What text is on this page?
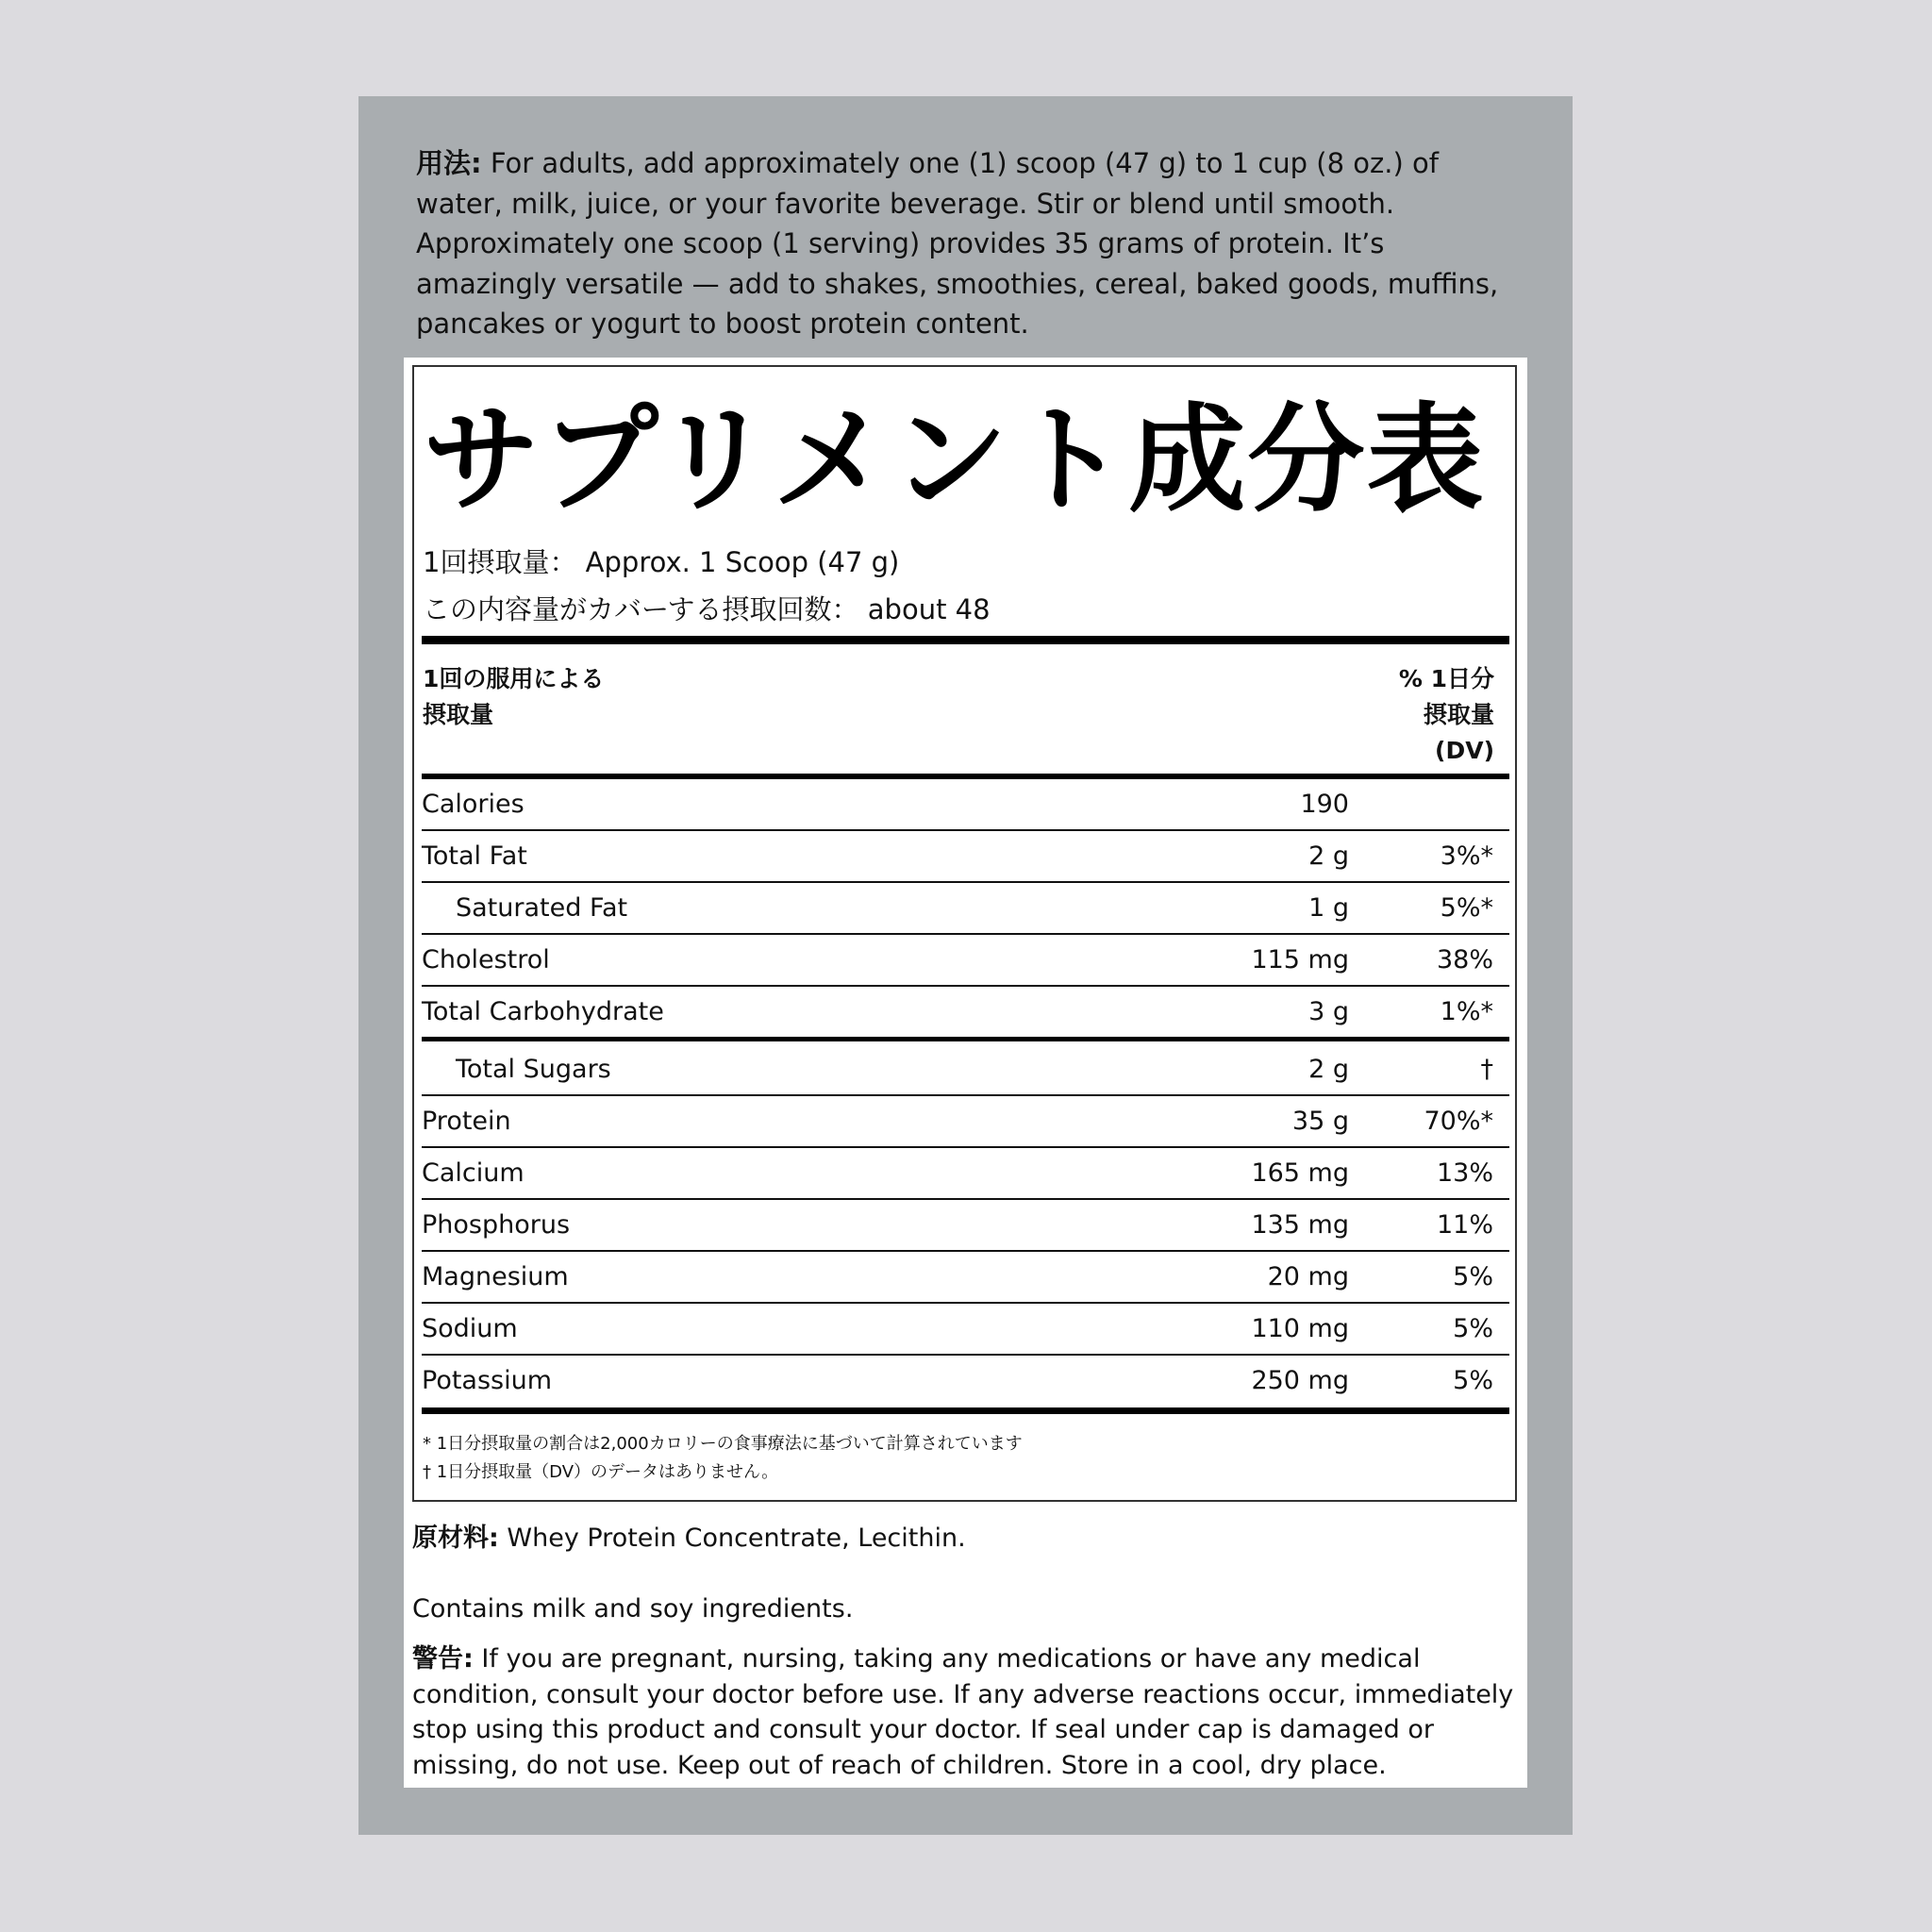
用法: For adults, add approximately one (1) scoop (47 g) to 1 cup (8 oz.) of water, milk, juice, or your favorite beverage. Stir or blend until smooth. Approximately one scoop (1 serving) provides 35 grams of protein. It’s amazingly versatile — add to shakes, smoothies, cereal, baked goods, muffins, pancakes or yogurt to boost protein content.
サプリメント成分表
1回摂取量： Approx. 1 Scoop (47 g)
この内容量がカバーする摂取回数： about 48
1回の服用による
摂取量
% 1日分
摂取量
(DV)
Calories	190
Total Fat	2 g	3%*
Saturated Fat	1 g	5%*
Cholestrol	115 mg	38%
Total Carbohydrate	3 g	1%*
Total Sugars	2 g	†
Protein	35 g	70%*
Calcium	165 mg	13%
Phosphorus	135 mg	11%
Magnesium	20 mg	5%
Sodium	110 mg	5%
Potassium	250 mg	5%
* 1日分摂取量の割合は2,000カロリーの食事療法に基づいて計算されています
† 1日分摂取量（DV）のデータはありません。
原材料: Whey Protein Concentrate, Lecithin.
Contains milk and soy ingredients.
警告: If you are pregnant, nursing, taking any medications or have any medical condition, consult your doctor before use. If any adverse reactions occur, immediately stop using this product and consult your doctor. If seal under cap is damaged or missing, do not use. Keep out of reach of children. Store in a cool, dry place.
